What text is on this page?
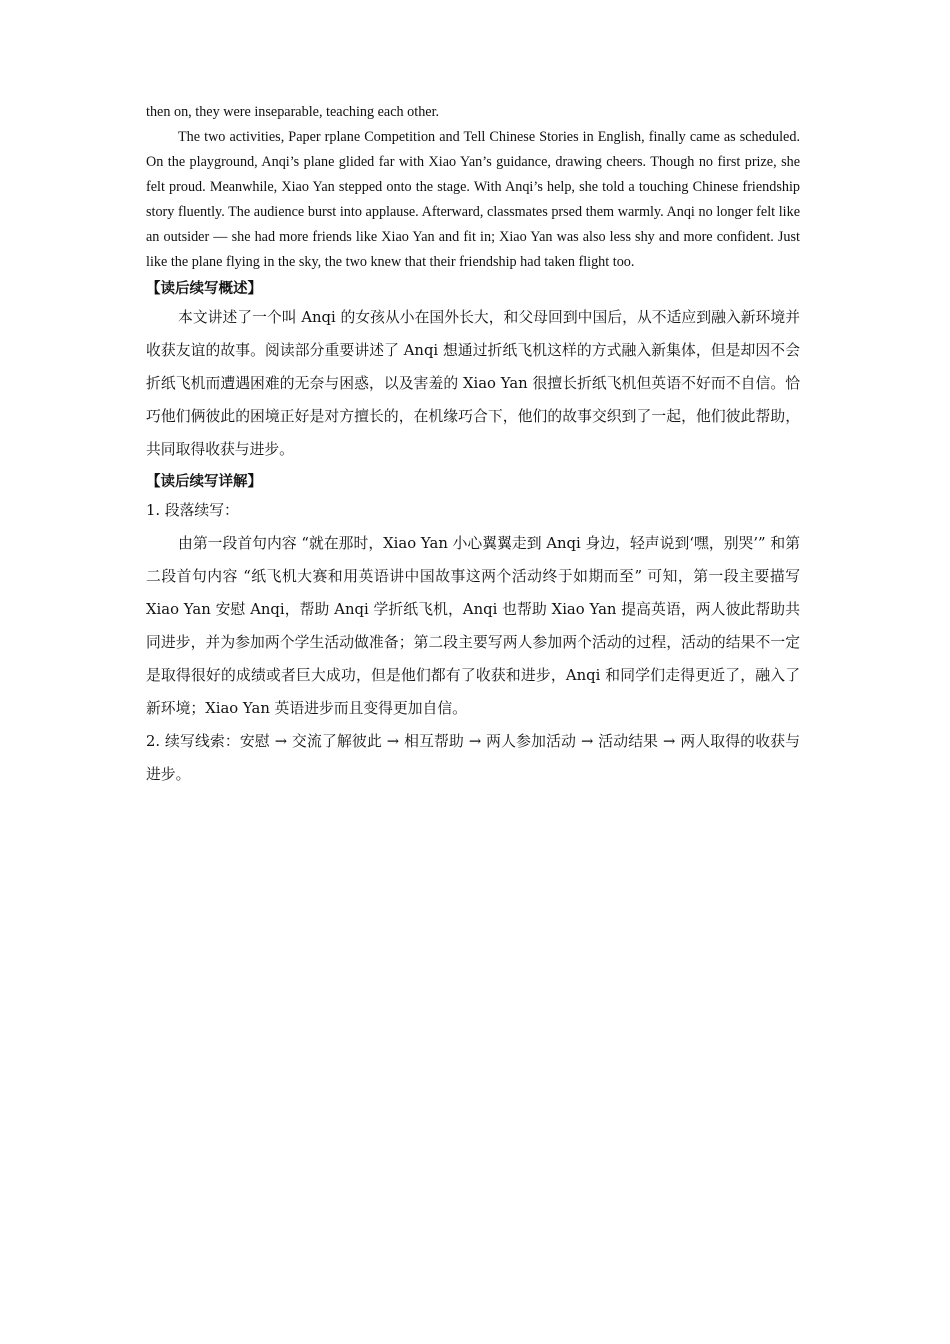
then on, they were inseparable, teaching each other.

The two activities, Paper rplane Competition and Tell Chinese Stories in English, finally came as scheduled. On the playground, Anqi’s plane glided far with Xiao Yan’s guidance, drawing cheers. Though no first prize, she felt proud. Meanwhile, Xiao Yan stepped onto the stage. With Anqi’s help, she told a touching Chinese friendship story fluently. The audience burst into applause. Afterward, classmates prsed them warmly. Anqi no longer felt like an outsider — she had more friends like Xiao Yan and fit in; Xiao Yan was also less shy and more confident. Just like the plane flying in the sky, the two knew that their friendship had taken flight too.

【读后续写概述】

本文讲述了一个叫 Anqi 的女孩从小在国外长大，和父母回到中国后，从不适应到融入新环境并收获友谊的故事。阅读部分重要讲述了 Anqi 想通过折纸飞机这样的方式融入新集体，但是却因不会折纸飞机而遭遇困难的无奈与困惑，以及害羞的 Xiao Yan 很擅长折纸飞机但英语不好而不自信。恰巧他们俩彼此的困境正好是对方擅长的，在机缘巧合下，他们的故事交织到了一起，他们彼此帮助，共同取得收获与进步。

【读后续写详解】

1. 段落续写：

由第一段首句内容 “就在那时，Xiao Yan 小心翼翼走到 Anqi 身边，轻声说到‘嘿，别哭’” 和第二段首句内容 “纸飞机大赛和用英语讲中国故事这两个活动终于如期而至” 可知，第一段主要描写 Xiao Yan 安慰 Anqi，帮助 Anqi 学折纸飞机，Anqi 也帮助 Xiao Yan 提高英语，两人彼此帮助共同进步，并为参加两个学生活动做准备；第二段主要写两人参加两个活动的过程，活动的结果不一定是取得很好的成绩或者巨大成功，但是他们都有了收获和进步，Anqi 和同学们走得更近了，融入了新环境；Xiao Yan 英语进步而且变得更加自信。

2. 续写线索：安慰 → 交流了解彼此 → 相互帮助 → 两人参加活动 → 活动结果 → 两人取得的收获与进步。
